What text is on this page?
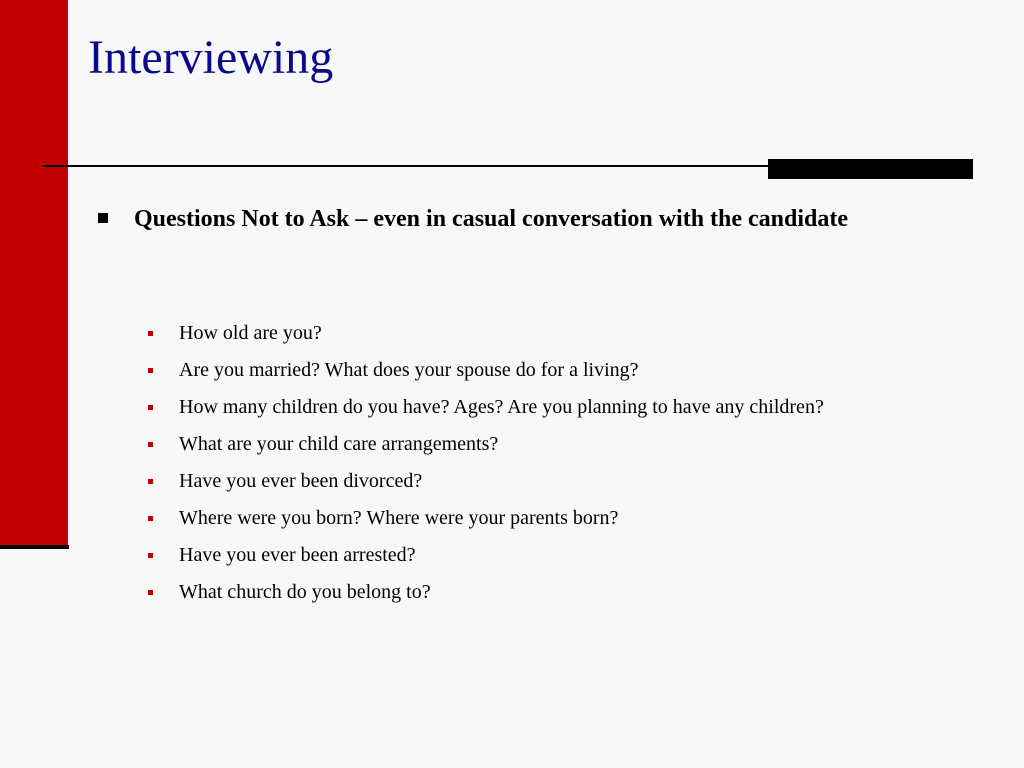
Interviewing

Questions Not to Ask – even in casual conversation with the candidate

How old are you?
Are you married? What does your spouse do for a living?
How many children do you have? Ages? Are you planning to have any children?
What are your child care arrangements?
Have you ever been divorced?
Where were you born? Where were your parents born?
Have you ever been arrested?
What church do you belong to?
